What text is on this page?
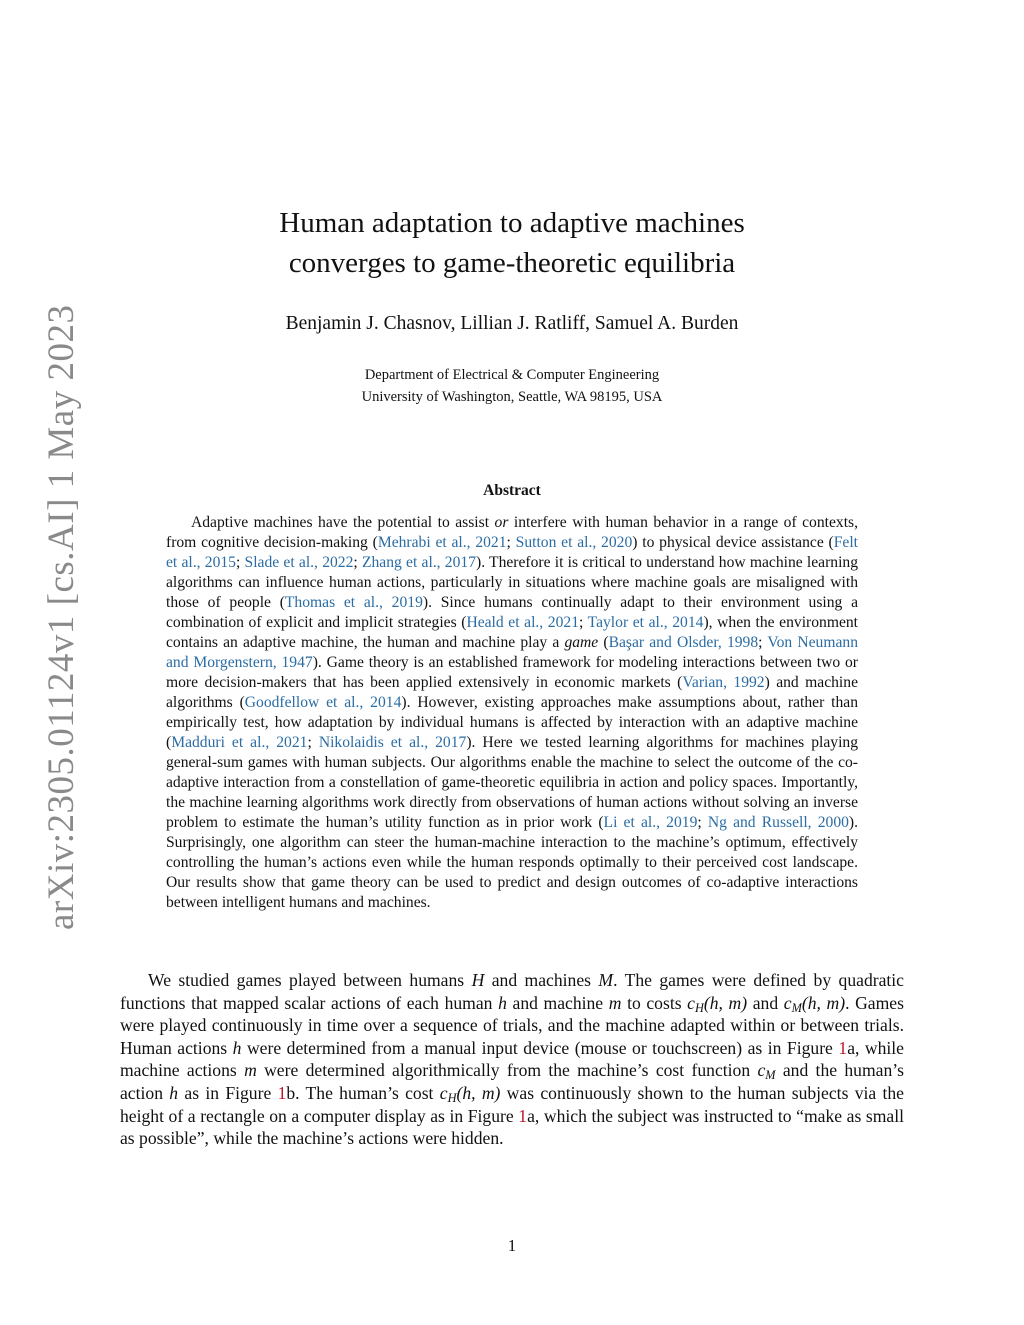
arXiv:2305.01124v1 [cs.AI] 1 May 2023
Human adaptation to adaptive machines
converges to game-theoretic equilibria
Benjamin J. Chasnov, Lillian J. Ratliff, Samuel A. Burden
Department of Electrical & Computer Engineering
University of Washington, Seattle, WA 98195, USA
Abstract
Adaptive machines have the potential to assist or interfere with human behavior in a range of contexts, from cognitive decision-making (Mehrabi et al., 2021; Sutton et al., 2020) to physical device assistance (Felt et al., 2015; Slade et al., 2022; Zhang et al., 2017). Therefore it is critical to understand how machine learning algorithms can influence human actions, particularly in situations where machine goals are misaligned with those of people (Thomas et al., 2019). Since humans continually adapt to their environment using a combination of explicit and implicit strategies (Heald et al., 2021; Taylor et al., 2014), when the environment contains an adaptive machine, the human and machine play a game (Başar and Olsder, 1998; Von Neumann and Morgenstern, 1947). Game theory is an established framework for modeling interactions between two or more decision-makers that has been applied extensively in economic markets (Varian, 1992) and machine algorithms (Goodfellow et al., 2014). However, existing approaches make assumptions about, rather than empirically test, how adaptation by individual humans is affected by interaction with an adaptive machine (Madduri et al., 2021; Nikolaidis et al., 2017). Here we tested learning algorithms for machines playing general-sum games with human subjects. Our algorithms enable the machine to select the outcome of the co-adaptive interaction from a constellation of game-theoretic equilibria in action and policy spaces. Importantly, the machine learning algorithms work directly from observations of human actions without solving an inverse problem to estimate the human’s utility function as in prior work (Li et al., 2019; Ng and Russell, 2000). Surprisingly, one algorithm can steer the human-machine interaction to the machine’s optimum, effectively controlling the human’s actions even while the human responds optimally to their perceived cost landscape. Our results show that game theory can be used to predict and design outcomes of co-adaptive interactions between intelligent humans and machines.
We studied games played between humans H and machines M. The games were defined by quadratic functions that mapped scalar actions of each human h and machine m to costs $c_H(h$, m) and $c_M(h$, m). Games were played continuously in time over a sequence of trials, and the machine adapted within or between trials. Human actions h were determined from a manual input device (mouse or touchscreen) as in Figure 1a, while machine actions m were determined algorithmically from the machine’s cost function $c_M$ and the human’s action h as in Figure 1b. The human’s cost $c_H(h$, m) was continuously shown to the human subjects via the height of a rectangle on a computer display as in Figure 1a, which the subject was instructed to “make as small as possible”, while the machine’s actions were hidden.
1
